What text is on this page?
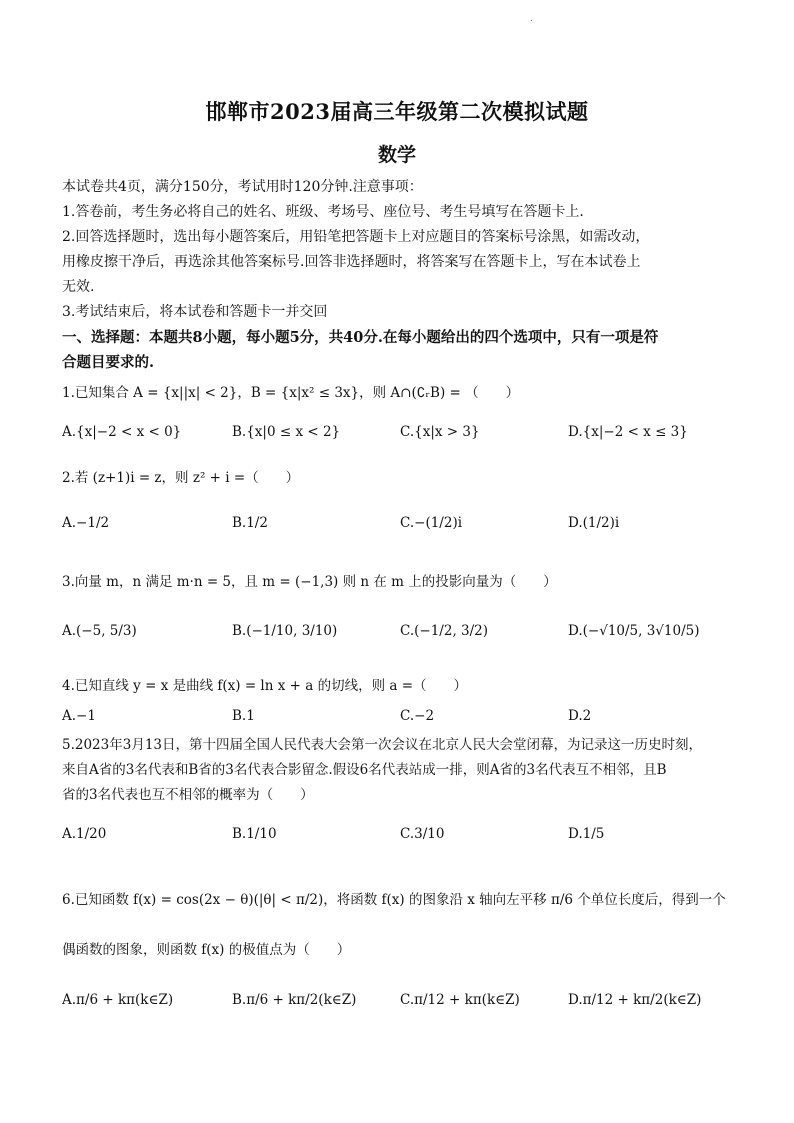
.
邯郸市2023届高三年级第二次模拟试题
数学
本试卷共4页，满分150分，考试用时120分钟.注意事项：
1.答卷前，考生务必将自己的姓名、班级、考场号、座位号、考生号填写在答题卡上.
2.回答选择题时，选出每小题答案后，用铅笔把答题卡上对应题目的答案标号涂黑，如需改动，
用橡皮擦干净后，再选涂其他答案标号.回答非选择题时，将答案写在答题卡上，写在本试卷上
无效.
3.考试结束后，将本试卷和答题卡一并交回
一、选择题：本题共8小题，每小题5分，共40分.在每小题给出的四个选项中，只有一项是符
合题目要求的.
1.已知集合 A = {x||x| < 2}，B = {x|x² ≤ 3x}，则 A∩(∁ᵣB) = （　　）
A.{x|−2 < x < 0}	B.{x|0 ≤ x < 2}	C.{x|x > 3}	D.{x|−2 < x ≤ 3}
2.若 (z+1)i = z，则 z² + i =（　　）
A.−1/2	B.1/2	C.−(1/2)i	D.(1/2)i
3.向量 m，n 满足 m·n = 5，且 m = (−1,3) 则 n 在 m 上的投影向量为（　　）
A.(−5, 5/3)	B.(−1/10, 3/10)	C.(−1/2, 3/2)	D.(−√10/5, 3√10/5)
4.已知直线 y = x 是曲线 f(x) = ln x + a 的切线，则 a =（　　）
A.−1	B.1	C.−2	D.2
5.2023年3月13日，第十四届全国人民代表大会第一次会议在北京人民大会堂闭幕，为记录这一历史时刻，
来自A省的3名代表和B省的3名代表合影留念.假设6名代表站成一排，则A省的3名代表互不相邻，且B
省的3名代表也互不相邻的概率为（　　）
A.1/20	B.1/10	C.3/10	D.1/5
6.已知函数 f(x) = cos(2x − θ)(|θ| < π/2)，将函数 f(x) 的图象沿 x 轴向左平移 π/6 个单位长度后，得到一个
偶函数的图象，则函数 f(x) 的极值点为（　　）
A.π/6 + kπ(k∈Z)	B.π/6 + kπ/2(k∈Z)	C.π/12 + kπ(k∈Z)	D.π/12 + kπ/2(k∈Z)
